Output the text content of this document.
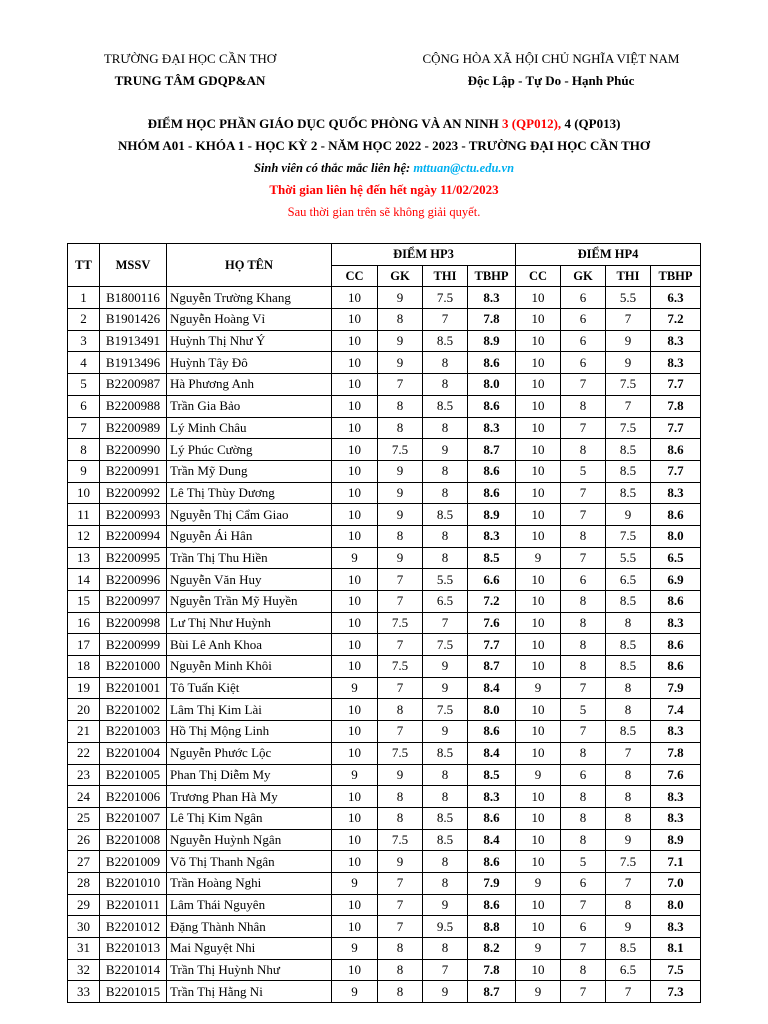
TRƯỜNG ĐẠI HỌC CẦN THƠ
TRUNG TÂM GDQP&AN
CỘNG HÒA XÃ HỘI CHỦ NGHĨA VIỆT NAM
Độc Lập - Tự Do - Hạnh Phúc
ĐIỂM HỌC PHẦN GIÁO DỤC QUỐC PHÒNG VÀ AN NINH 3 (QP012), 4 (QP013)
NHÓM A01 - KHÓA 1 - HỌC KỲ 2 - NĂM HỌC 2022 - 2023 - TRƯỜNG ĐẠI HỌC CẦN THƠ
Sinh viên có thắc mắc liên hệ: mttuan@ctu.edu.vn
Thời gian liên hệ đến hết ngày 11/02/2023
Sau thời gian trên sẽ không giải quyết.
TT	MSSV	HỌ TÊN	ĐIỂM HP3				ĐIỂM HP4			
			CC	GK	THI	TBHP	CC	GK	THI	TBHP
1	B1800116	Nguyễn Trường Khang	10	9	7.5	8.3	10	6	5.5	6.3
2	B1901426	Nguyễn Hoàng Vỉ	10	8	7	7.8	10	6	7	7.2
3	B1913491	Huỳnh Thị Như Ý	10	9	8.5	8.9	10	6	9	8.3
4	B1913496	Huỳnh Tây Đô	10	9	8	8.6	10	6	9	8.3
5	B2200987	Hà Phương Anh	10	7	8	8.0	10	7	7.5	7.7
6	B2200988	Trần Gia Bảo	10	8	8.5	8.6	10	8	7	7.8
7	B2200989	Lý Minh Châu	10	8	8	8.3	10	7	7.5	7.7
8	B2200990	Lý Phúc Cường	10	7.5	9	8.7	10	8	8.5	8.6
9	B2200991	Trần Mỹ Dung	10	9	8	8.6	10	5	8.5	7.7
10	B2200992	Lê Thị Thùy Dương	10	9	8	8.6	10	7	8.5	8.3
11	B2200993	Nguyễn Thị Cẩm Giao	10	9	8.5	8.9	10	7	9	8.6
12	B2200994	Nguyễn Ái Hân	10	8	8	8.3	10	8	7.5	8.0
13	B2200995	Trần Thị Thu Hiền	9	9	8	8.5	9	7	5.5	6.5
14	B2200996	Nguyễn Văn Huy	10	7	5.5	6.6	10	6	6.5	6.9
15	B2200997	Nguyễn Trần Mỹ Huyền	10	7	6.5	7.2	10	8	8.5	8.6
16	B2200998	Lư Thị Như Huỳnh	10	7.5	7	7.6	10	8	8	8.3
17	B2200999	Bùi Lê Anh Khoa	10	7	7.5	7.7	10	8	8.5	8.6
18	B2201000	Nguyễn Minh Khôi	10	7.5	9	8.7	10	8	8.5	8.6
19	B2201001	Tô Tuấn Kiệt	9	7	9	8.4	9	7	8	7.9
20	B2201002	Lâm Thị Kim Lài	10	8	7.5	8.0	10	5	8	7.4
21	B2201003	Hồ Thị Mộng Linh	10	7	9	8.6	10	7	8.5	8.3
22	B2201004	Nguyễn Phước Lộc	10	7.5	8.5	8.4	10	8	7	7.8
23	B2201005	Phan Thị Diễm My	9	9	8	8.5	9	6	8	7.6
24	B2201006	Trương Phan Hà My	10	8	8	8.3	10	8	8	8.3
25	B2201007	Lê Thị Kim Ngân	10	8	8.5	8.6	10	8	8	8.3
26	B2201008	Nguyễn Huỳnh Ngân	10	7.5	8.5	8.4	10	8	9	8.9
27	B2201009	Võ Thị Thanh Ngân	10	9	8	8.6	10	5	7.5	7.1
28	B2201010	Trần Hoàng Nghi	9	7	8	7.9	9	6	7	7.0
29	B2201011	Lâm Thái Nguyên	10	7	9	8.6	10	7	8	8.0
30	B2201012	Đặng Thành Nhân	10	7	9.5	8.8	10	6	9	8.3
31	B2201013	Mai Nguyệt Nhi	9	8	8	8.2	9	7	8.5	8.1
32	B2201014	Trần Thị Huỳnh Như	10	8	7	7.8	10	8	6.5	7.5
33	B2201015	Trần Thị Hằng Ni	9	8	9	8.7	9	7	7	7.3
